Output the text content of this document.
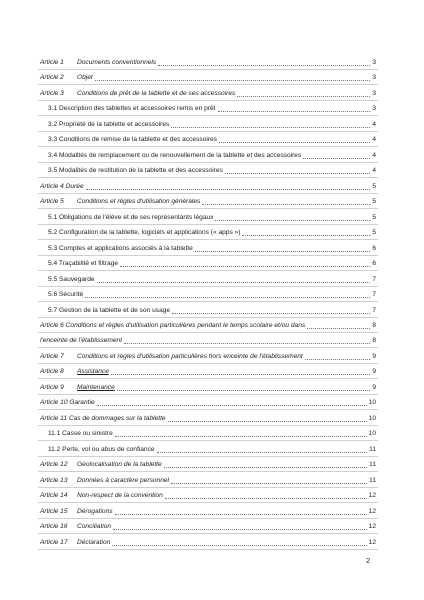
Article 1	Documents conventionnels	3
Article 2	Objet	3
Article 3	Conditions de prêt de la tablette et de ses accessoires	3
3.1 Description des tablettes et accessoires remis en prêt	3
3.2 Propriété de la tablette et accessoires	4
3.3 Conditions de remise de la tablette et des accessoires	4
3.4 Modalités de remplacement ou de renouvellement de la tablette et des accessoires	4
3.5 Modalités de restitution de la tablette et des accessoires	4
Article 4 Durée	5
Article 5	Conditions et règles d'utilisation générales	5
5.1 Obligations de l'élève et de ses représentants légaux	5
5.2 Configuration de la tablette, logiciels et applications (« apps »)	5
5.3 Comptes et applications associés à la tablette	6
5.4 Traçabilité et filtrage	6
5.5 Sauvegarde	7
5.6 Sécurité	7
5.7 Gestion de la tablette et de son usage	7
Article 6 Conditions et règles d'utilisation particulières pendant le temps scolaire et/ou dans	8
l'enceinte de l'établissement	8
Article 7	Conditions et règles d'utilisation particulières hors enceinte de l'établissement	9
Article 8	Assistance	9
Article 9	Maintenance	9
Article 10 Garantie	10
Article 11 Cas de dommages sur la tablette	10
11.1 Casse ou sinistre	10
11.2 Perte, vol ou abus de confiance	11
Article 12	Géolocalisation de la tablette	11
Article 13	Données à caractère personnel	11
Article 14	Non-respect de la convention	12
Article 15	Dérogations	12
Article 16	Conciliation	12
Article 17	Déclaration	12
2
